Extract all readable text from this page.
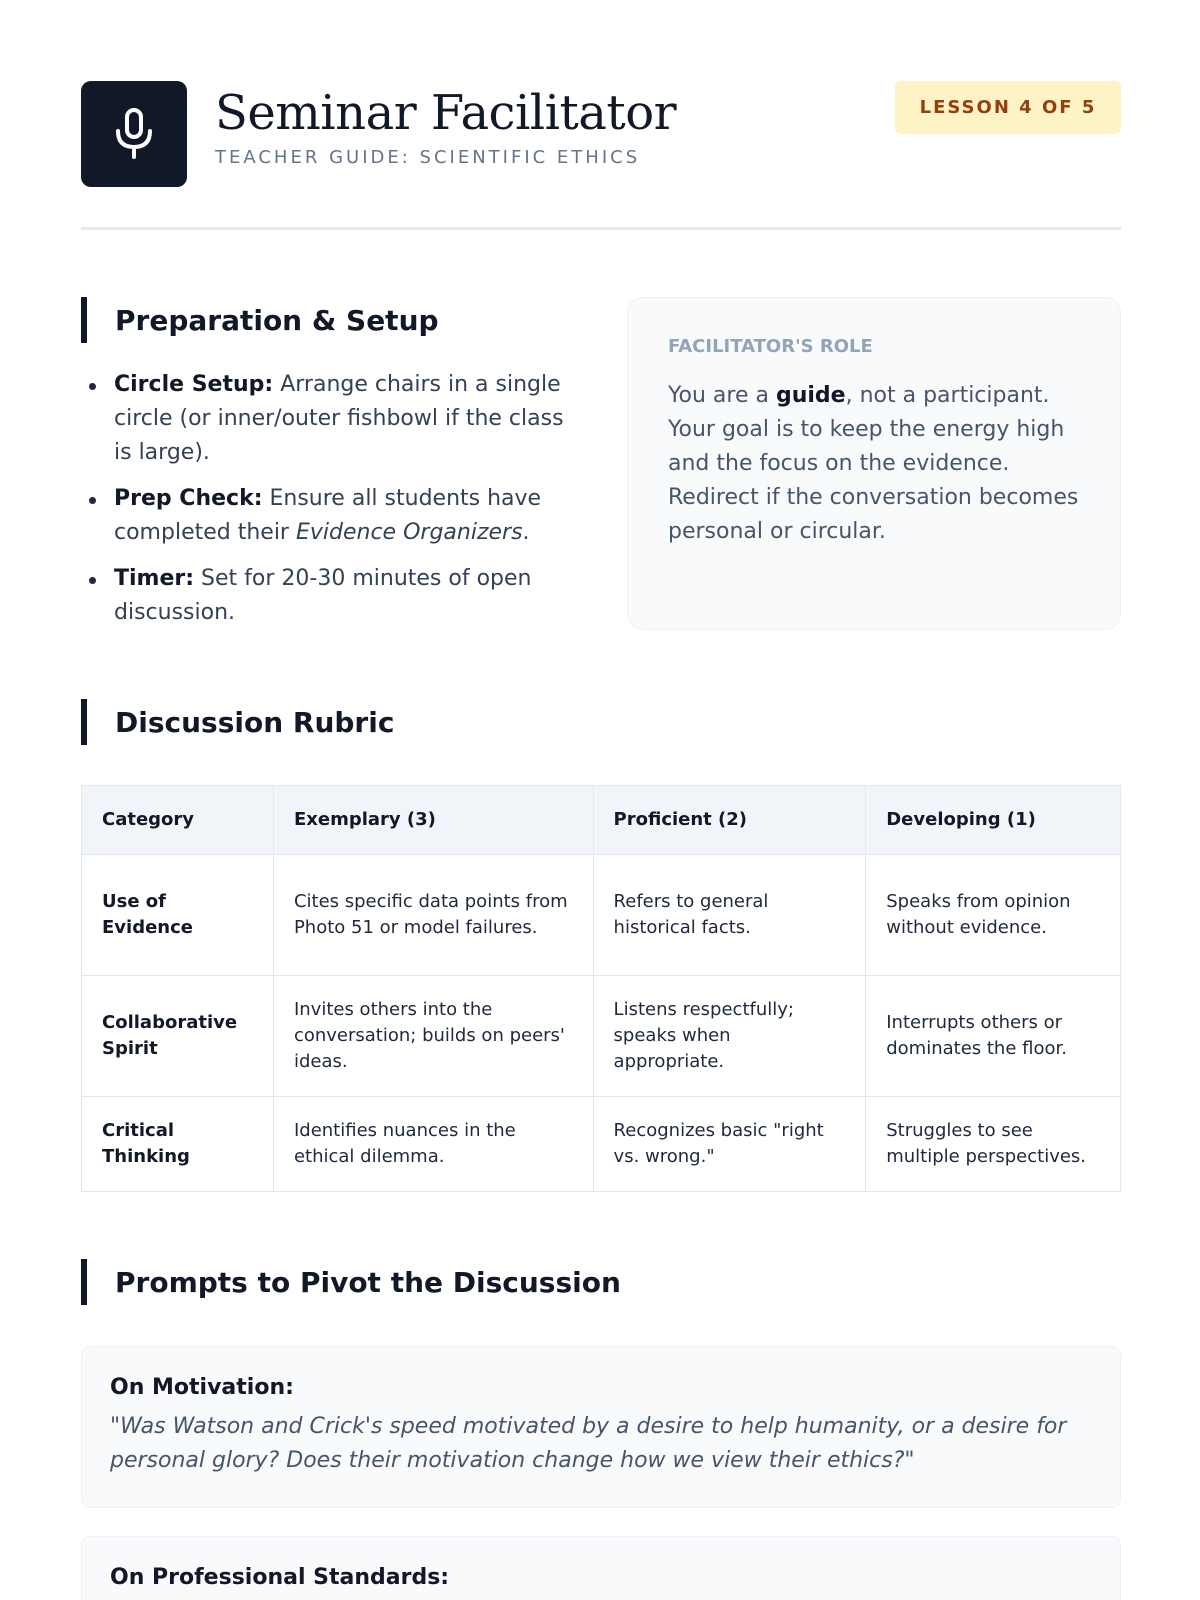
Seminar Facilitator
TEACHER GUIDE: SCIENTIFIC ETHICS
LESSON 4 OF 5
Preparation & Setup
Circle Setup: Arrange chairs in a single circle (or inner/outer fishbowl if the class is large).
Prep Check: Ensure all students have completed their Evidence Organizers.
Timer: Set for 20-30 minutes of open discussion.
FACILITATOR'S ROLE

You are a guide, not a participant. Your goal is to keep the energy high and the focus on the evidence. Redirect if the conversation becomes personal or circular.

Discussion Rubric
Category	Exemplary (3)	Proficient (2)	Developing (1)
Use of Evidence	Cites specific data points from Photo 51 or model failures.	Refers to general historical facts.	Speaks from opinion without evidence.
Collaborative Spirit	Invites others into the conversation; builds on peers' ideas.	Listens respectfully; speaks when appropriate.	Interrupts others or dominates the floor.
Critical Thinking	Identifies nuances in the ethical dilemma.	Recognizes basic "right vs. wrong."	Struggles to see multiple perspectives.
Prompts to Pivot the Discussion
On Motivation:

"Was Watson and Crick's speed motivated by a desire to help humanity, or a desire for personal glory? Does their motivation change how we view their ethics?"

On Professional Standards:
